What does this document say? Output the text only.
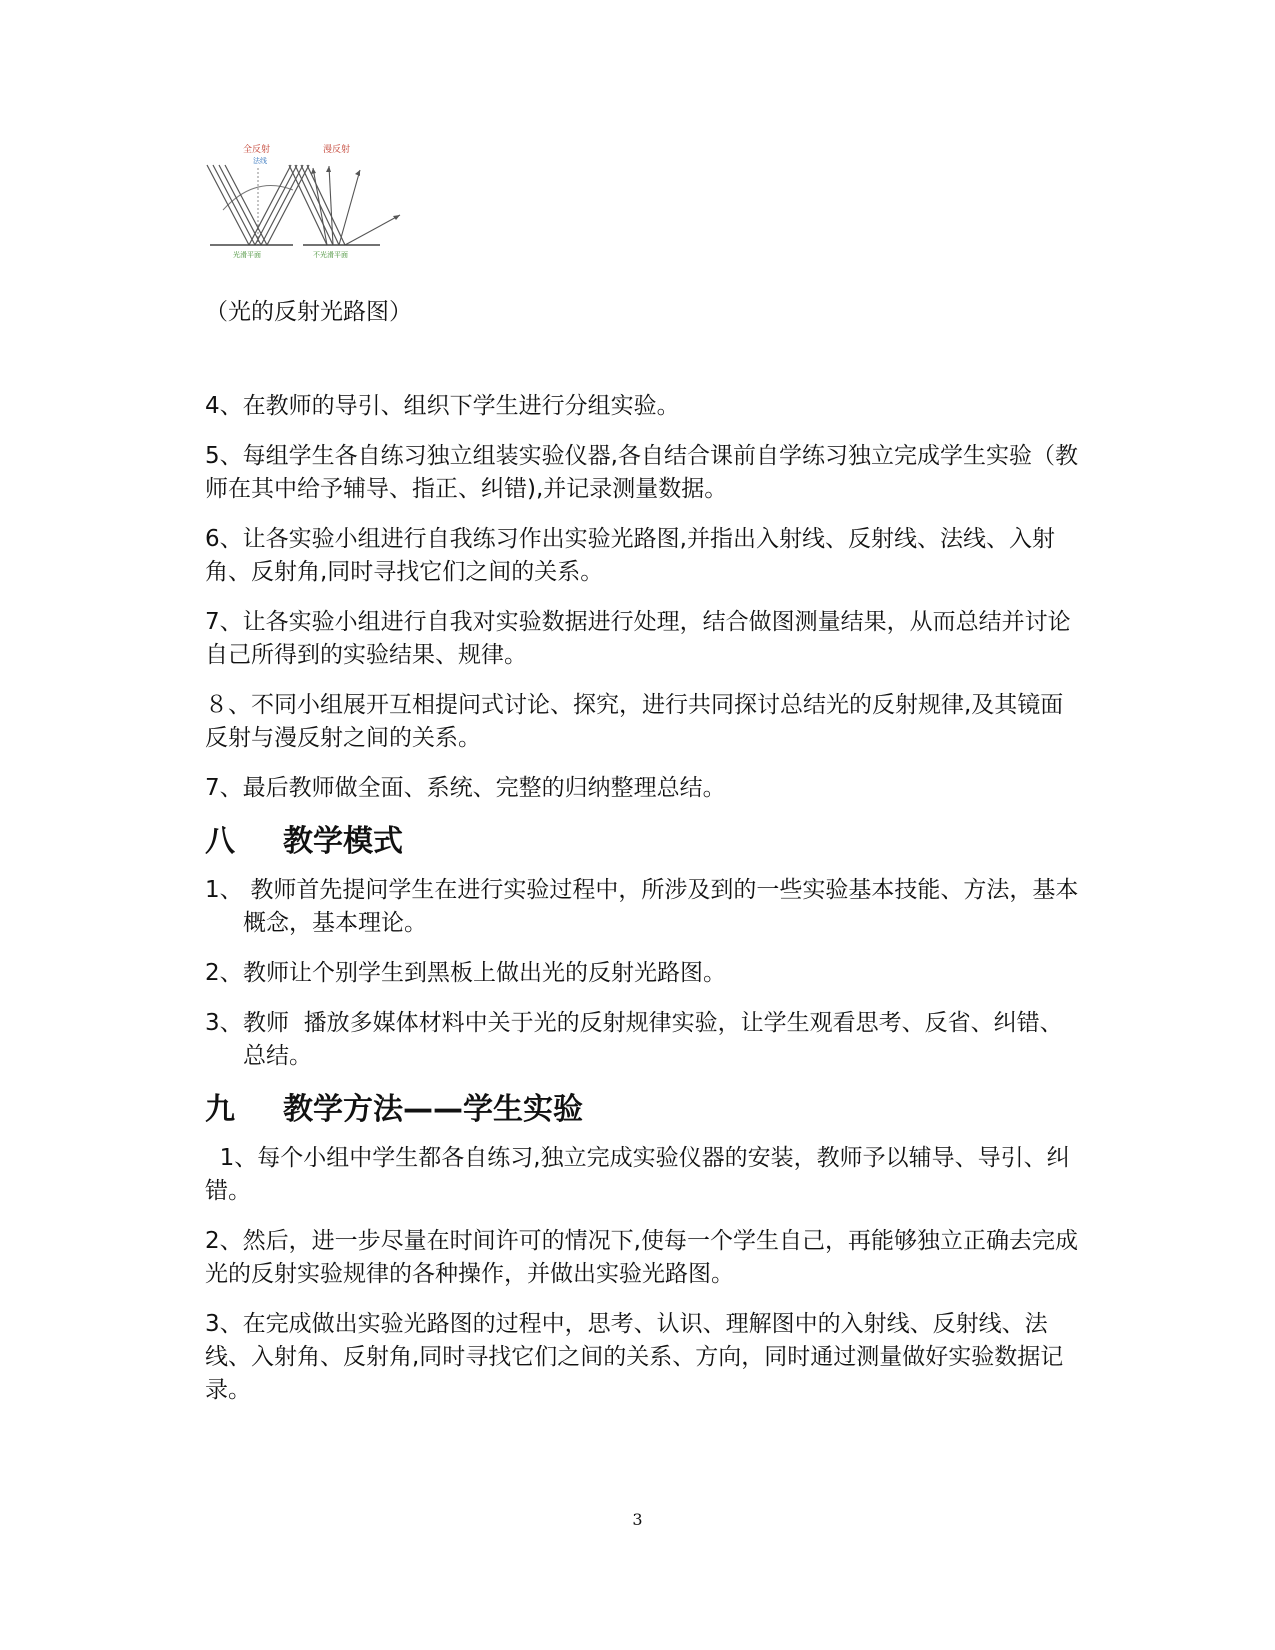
全反射
法线
漫反射
光滑平面	不光滑平面
（光的反射光路图）

4、在教师的导引、组织下学生进行分组实验。

5、每组学生各自练习独立组装实验仪器,各自结合课前自学练习独立完成学生实验（教师在其中给予辅导、指正、纠错),并记录测量数据。

6、让各实验小组进行自我练习作出实验光路图,并指出入射线、反射线、法线、入射角、反射角,同时寻找它们之间的关系。

7、让各实验小组进行自我对实验数据进行处理，结合做图测量结果，从而总结并讨论自己所得到的实验结果、规律。

８、不同小组展开互相提问式讨论、探究，进行共同探讨总结光的反射规律,及其镜面反射与漫反射之间的关系。

7、最后教师做全面、系统、完整的归纳整理总结。

八 教学模式
1、 教师首先提问学生在进行实验过程中，所涉及到的一些实验基本技能、方法，基本概念，基本理论。
2、 教师让个别学生到黑板上做出光的反射光路图。
3、 教师  播放多媒体材料中关于光的反射规律实验，让学生观看思考、反省、纠错、总结。
九 教学方法——学生实验

1、每个小组中学生都各自练习,独立完成实验仪器的安装，教师予以辅导、导引、纠错。

2、然后，进一步尽量在时间许可的情况下,使每一个学生自己，再能够独立正确去完成光的反射实验规律的各种操作，并做出实验光路图。

3、在完成做出实验光路图的过程中，思考、认识、理解图中的入射线、反射线、法线、入射角、反射角,同时寻找它们之间的关系、方向，同时通过测量做好实验数据记录。

3
